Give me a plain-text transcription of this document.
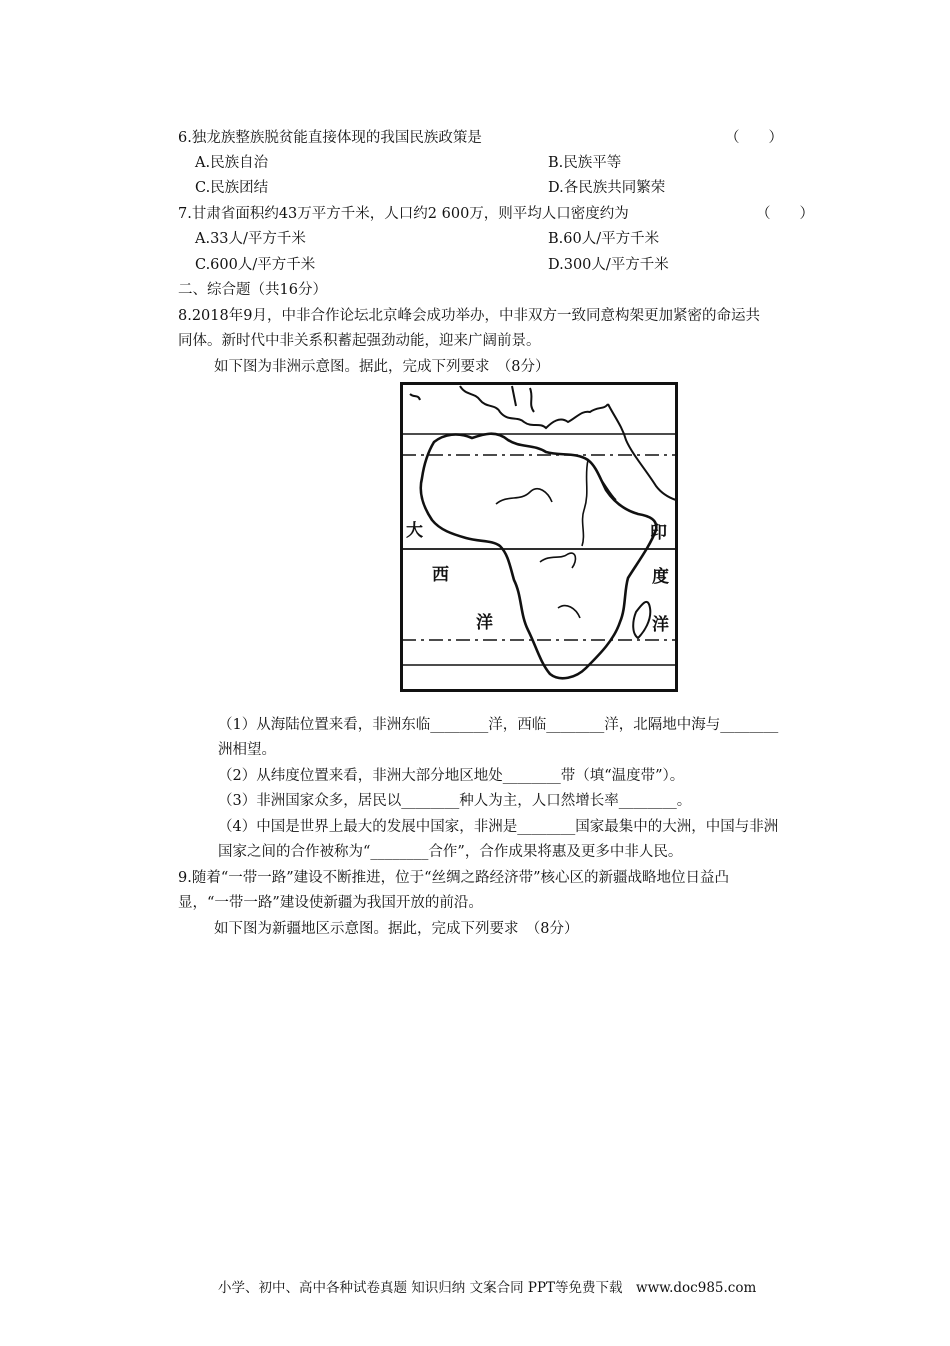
6.独龙族整族脱贫能直接体现的我国民族政策是	（　　）
A.民族自治	B.民族平等
C.民族团结	D.各民族共同繁荣
7.甘肃省面积约43万平方千米，人口约2 600万，则平均人口密度约为	（　　）
A.33人/平方千米	B.60人/平方千米
C.600人/平方千米	D.300人/平方千米
二、综合题（共16分）
8.2018年9月，中非合作论坛北京峰会成功举办，中非双方一致同意构架更加紧密的命运共
同体。新时代中非关系积蓄起强劲动能，迎来广阔前景。
如下图为非洲示意图。据此，完成下列要求　（8分）
大
西
洋
印
度
洋
（1）从海陆位置来看，非洲东临________洋，西临________洋，北隔地中海与________
洲相望。
（2）从纬度位置来看，非洲大部分地区地处________带（填“温度带”）。
（3）非洲国家众多，居民以________种人为主，人口然增长率________。
（4）中国是世界上最大的发展中国家，非洲是________国家最集中的大洲，中国与非洲
国家之间的合作被称为“________合作”，合作成果将惠及更多中非人民。
9.随着“一带一路”建设不断推进，位于“丝绸之路经济带”核心区的新疆战略地位日益凸
显，“一带一路”建设使新疆为我国开放的前沿。
如下图为新疆地区示意图。据此，完成下列要求　（8分）
小学、初中、高中各种试卷真题 知识归纳 文案合同 PPT等免费下载　www.doc985.com
